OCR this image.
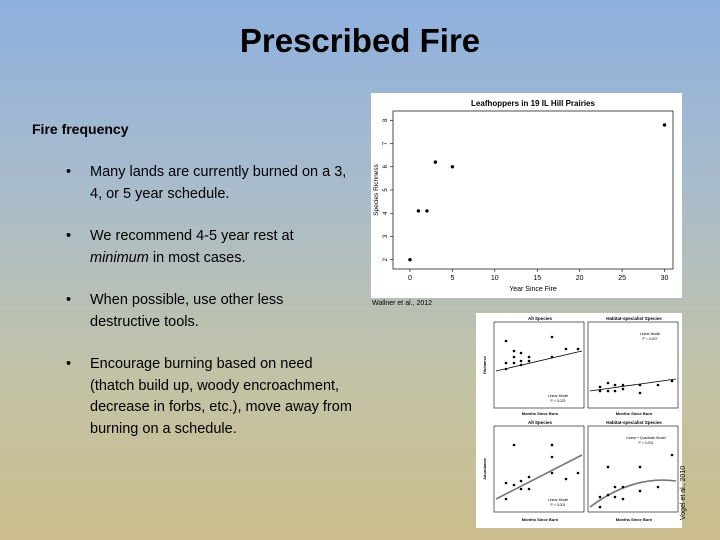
Prescribed Fire
Fire frequency
• Many lands are currently burned on a 3, 4, or 5 year schedule.
• We recommend 4-5 year rest at minimum in most cases.
• When possible, use other less destructive tools.
• Encourage burning based on need (thatch build up, woody encroachment, decrease in forbs, etc.), move away from burning on a schedule.
Leafhoppers in 19 IL Hill Prairies
0	5	10	15	20	25	30
2
3
4
5
6
7
8
Year Since Fire
Species Richness
Wallner et al., 2012
All Species
Linear Model
P = 0.023
Richness
Months Since Burn
Habitat-specialist Species
Linear Model
P = 0.007
Months Since Burn
All Species
Linear Model
P = 0.001
Abundance
Months Since Burn
Habitat-specialist Species
Linear + Quadratic Model
P < 0.001
Months Since Burn	Vogel et al., 2010
